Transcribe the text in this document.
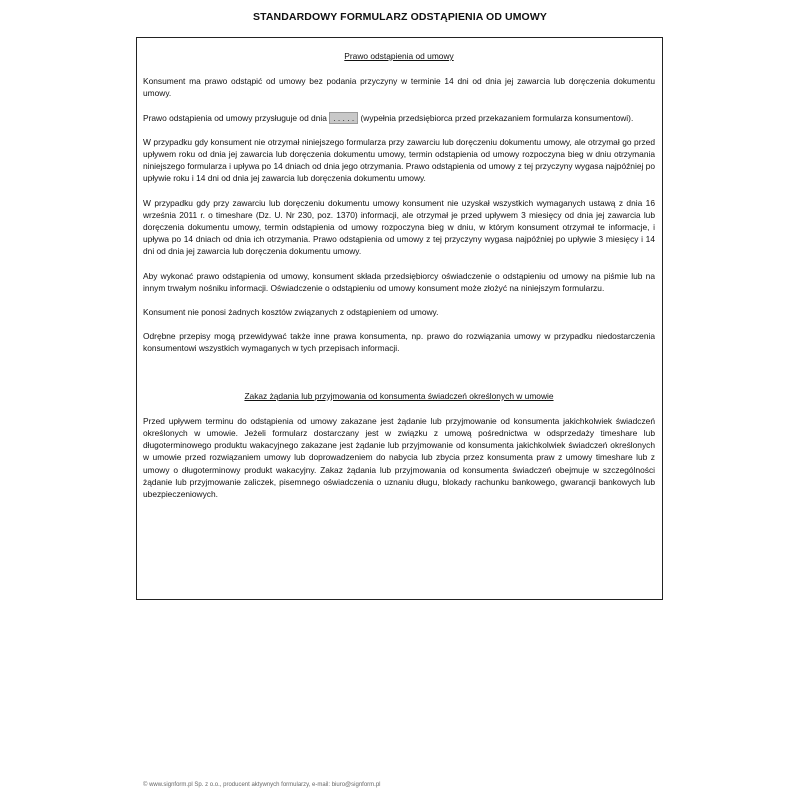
STANDARDOWY FORMULARZ ODSTĄPIENIA OD UMOWY
Prawo odstąpienia od umowy

Konsument ma prawo odstąpić od umowy bez podania przyczyny w terminie 14 dni od dnia jej zawarcia lub doręczenia dokumentu umowy.

Prawo odstąpienia od umowy przysługuje od dnia . . . . . (wypełnia przedsiębiorca przed przekazaniem formularza konsumentowi).

W przypadku gdy konsument nie otrzymał niniejszego formularza przy zawarciu lub doręczeniu dokumentu umowy, ale otrzymał go przed upływem roku od dnia jej zawarcia lub doręczenia dokumentu umowy, termin odstąpienia od umowy rozpoczyna bieg w dniu otrzymania niniejszego formularza i upływa po 14 dniach od dnia jego otrzymania. Prawo odstąpienia od umowy z tej przyczyny wygasa najpóźniej po upływie roku i 14 dni od dnia jej zawarcia lub doręczenia dokumentu umowy.

W przypadku gdy przy zawarciu lub doręczeniu dokumentu umowy konsument nie uzyskał wszystkich wymaganych ustawą z dnia 16 września 2011 r. o timeshare (Dz. U. Nr 230, poz. 1370) informacji, ale otrzymał je przed upływem 3 miesięcy od dnia jej zawarcia lub doręczenia dokumentu umowy, termin odstąpienia od umowy rozpoczyna bieg w dniu, w którym konsument otrzymał te informacje, i upływa po 14 dniach od dnia ich otrzymania. Prawo odstąpienia od umowy z tej przyczyny wygasa najpóźniej po upływie 3 miesięcy i 14 dni od dnia jej zawarcia lub doręczenia dokumentu umowy.

Aby wykonać prawo odstąpienia od umowy, konsument składa przedsiębiorcy oświadczenie o odstąpieniu od umowy na piśmie lub na innym trwałym nośniku informacji. Oświadczenie o odstąpieniu od umowy konsument może złożyć na niniejszym formularzu.

Konsument nie ponosi żadnych kosztów związanych z odstąpieniem od umowy.

Odrębne przepisy mogą przewidywać także inne prawa konsumenta, np. prawo do rozwiązania umowy w przypadku niedostarczenia konsumentowi wszystkich wymaganych w tych przepisach informacji.

Zakaz żądania lub przyjmowania od konsumenta świadczeń określonych w umowie

Przed upływem terminu do odstąpienia od umowy zakazane jest żądanie lub przyjmowanie od konsumenta jakichkolwiek świadczeń określonych w umowie. Jeżeli formularz dostarczany jest w związku z umową pośrednictwa w odsprzedaży timeshare lub długoterminowego produktu wakacyjnego zakazane jest żądanie lub przyjmowanie od konsumenta jakichkolwiek świadczeń określonych w umowie przed rozwiązaniem umowy lub doprowadzeniem do nabycia lub zbycia przez konsumenta praw z umowy timeshare lub z umowy o długoterminowy produkt wakacyjny. Zakaz żądania lub przyjmowania od konsumenta świadczeń obejmuje w szczególności żądanie lub przyjmowanie zaliczek, pisemnego oświadczenia o uznaniu długu, blokady rachunku bankowego, gwarancji bankowych lub ubezpieczeniowych.

© www.signform.pl Sp. z o.o., producent aktywnych formularzy, e-mail: biuro@signform.pl
